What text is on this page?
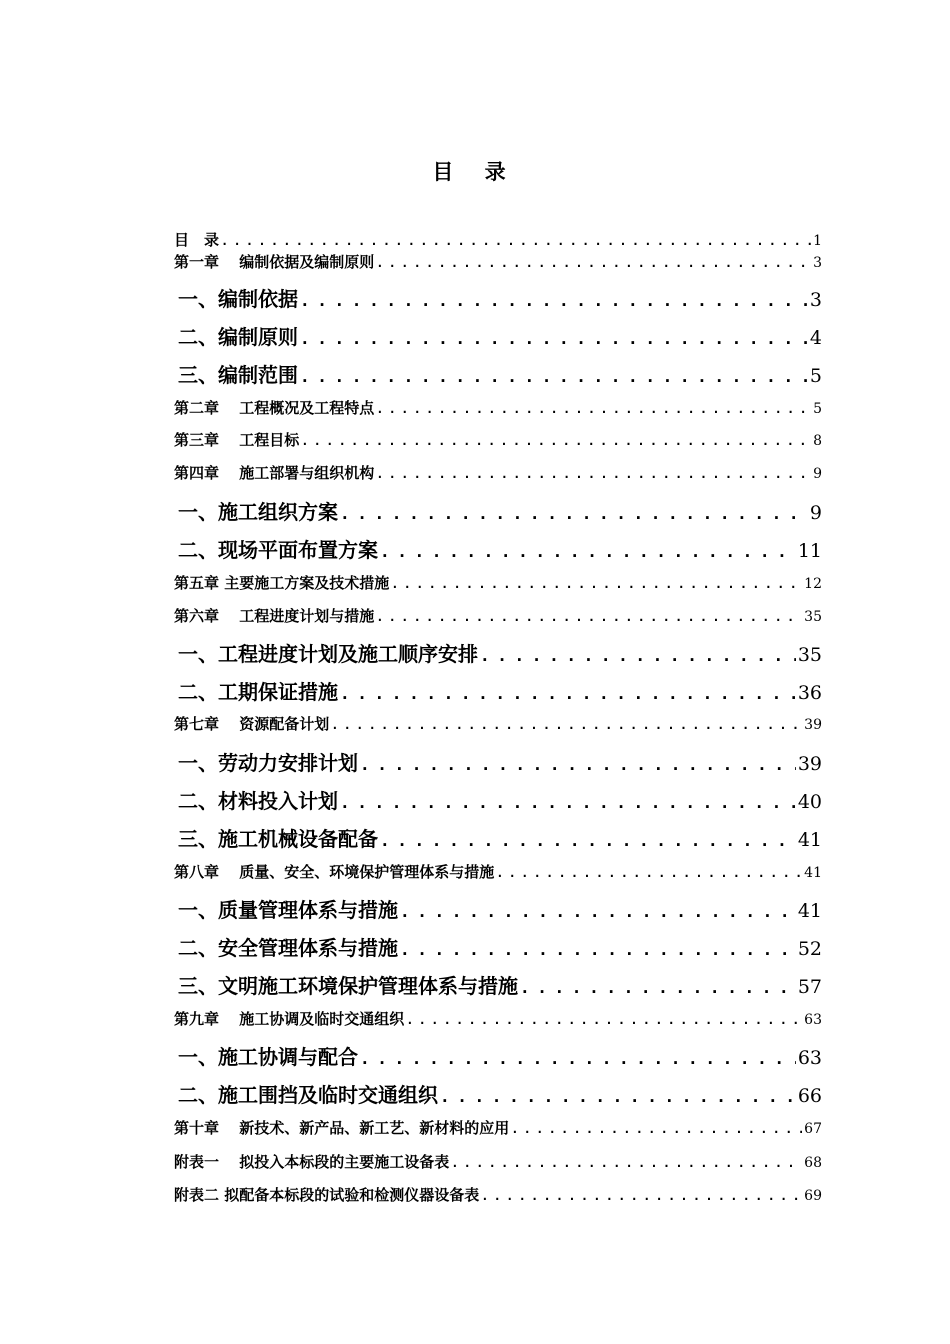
目 录
目　录 . . .	1
第一章　 编制依据及编制原则 . . .	3
一、编制依据 . . .	3
二、编制原则 . . .	4
三、编制范围 . . .	5
第二章　 工程概况及工程特点 . . .	5
第三章　 工程目标 . . .	8
第四章　 施工部署与组织机构 . . .	9
一、施工组织方案 . . .	9
二、现场平面布置方案 . . .	11
第五章 主要施工方案及技术措施 . . .	12
第六章　 工程进度计划与措施 . . .	35
一、工程进度计划及施工顺序安排 . . .	35
二、工期保证措施 . . .	36
第七章　 资源配备计划 . . .	39
一、劳动力安排计划 . . .	39
二、材料投入计划 . . .	40
三、施工机械设备配备 . . .	41
第八章　 质量、安全、环境保护管理体系与措施 . . .	41
一、质量管理体系与措施 . . .	41
二、安全管理体系与措施 . . .	52
三、文明施工环境保护管理体系与措施 . . .	57
第九章　 施工协调及临时交通组织 . . .	63
一、施工协调与配合 . . .	63
二、施工围挡及临时交通组织 . . .	66
第十章　 新技术、新产品、新工艺、新材料的应用 . . .	67
附表一　 拟投入本标段的主要施工设备表 . . .	68
附表二 拟配备本标段的试验和检测仪器设备表 . . .	69
